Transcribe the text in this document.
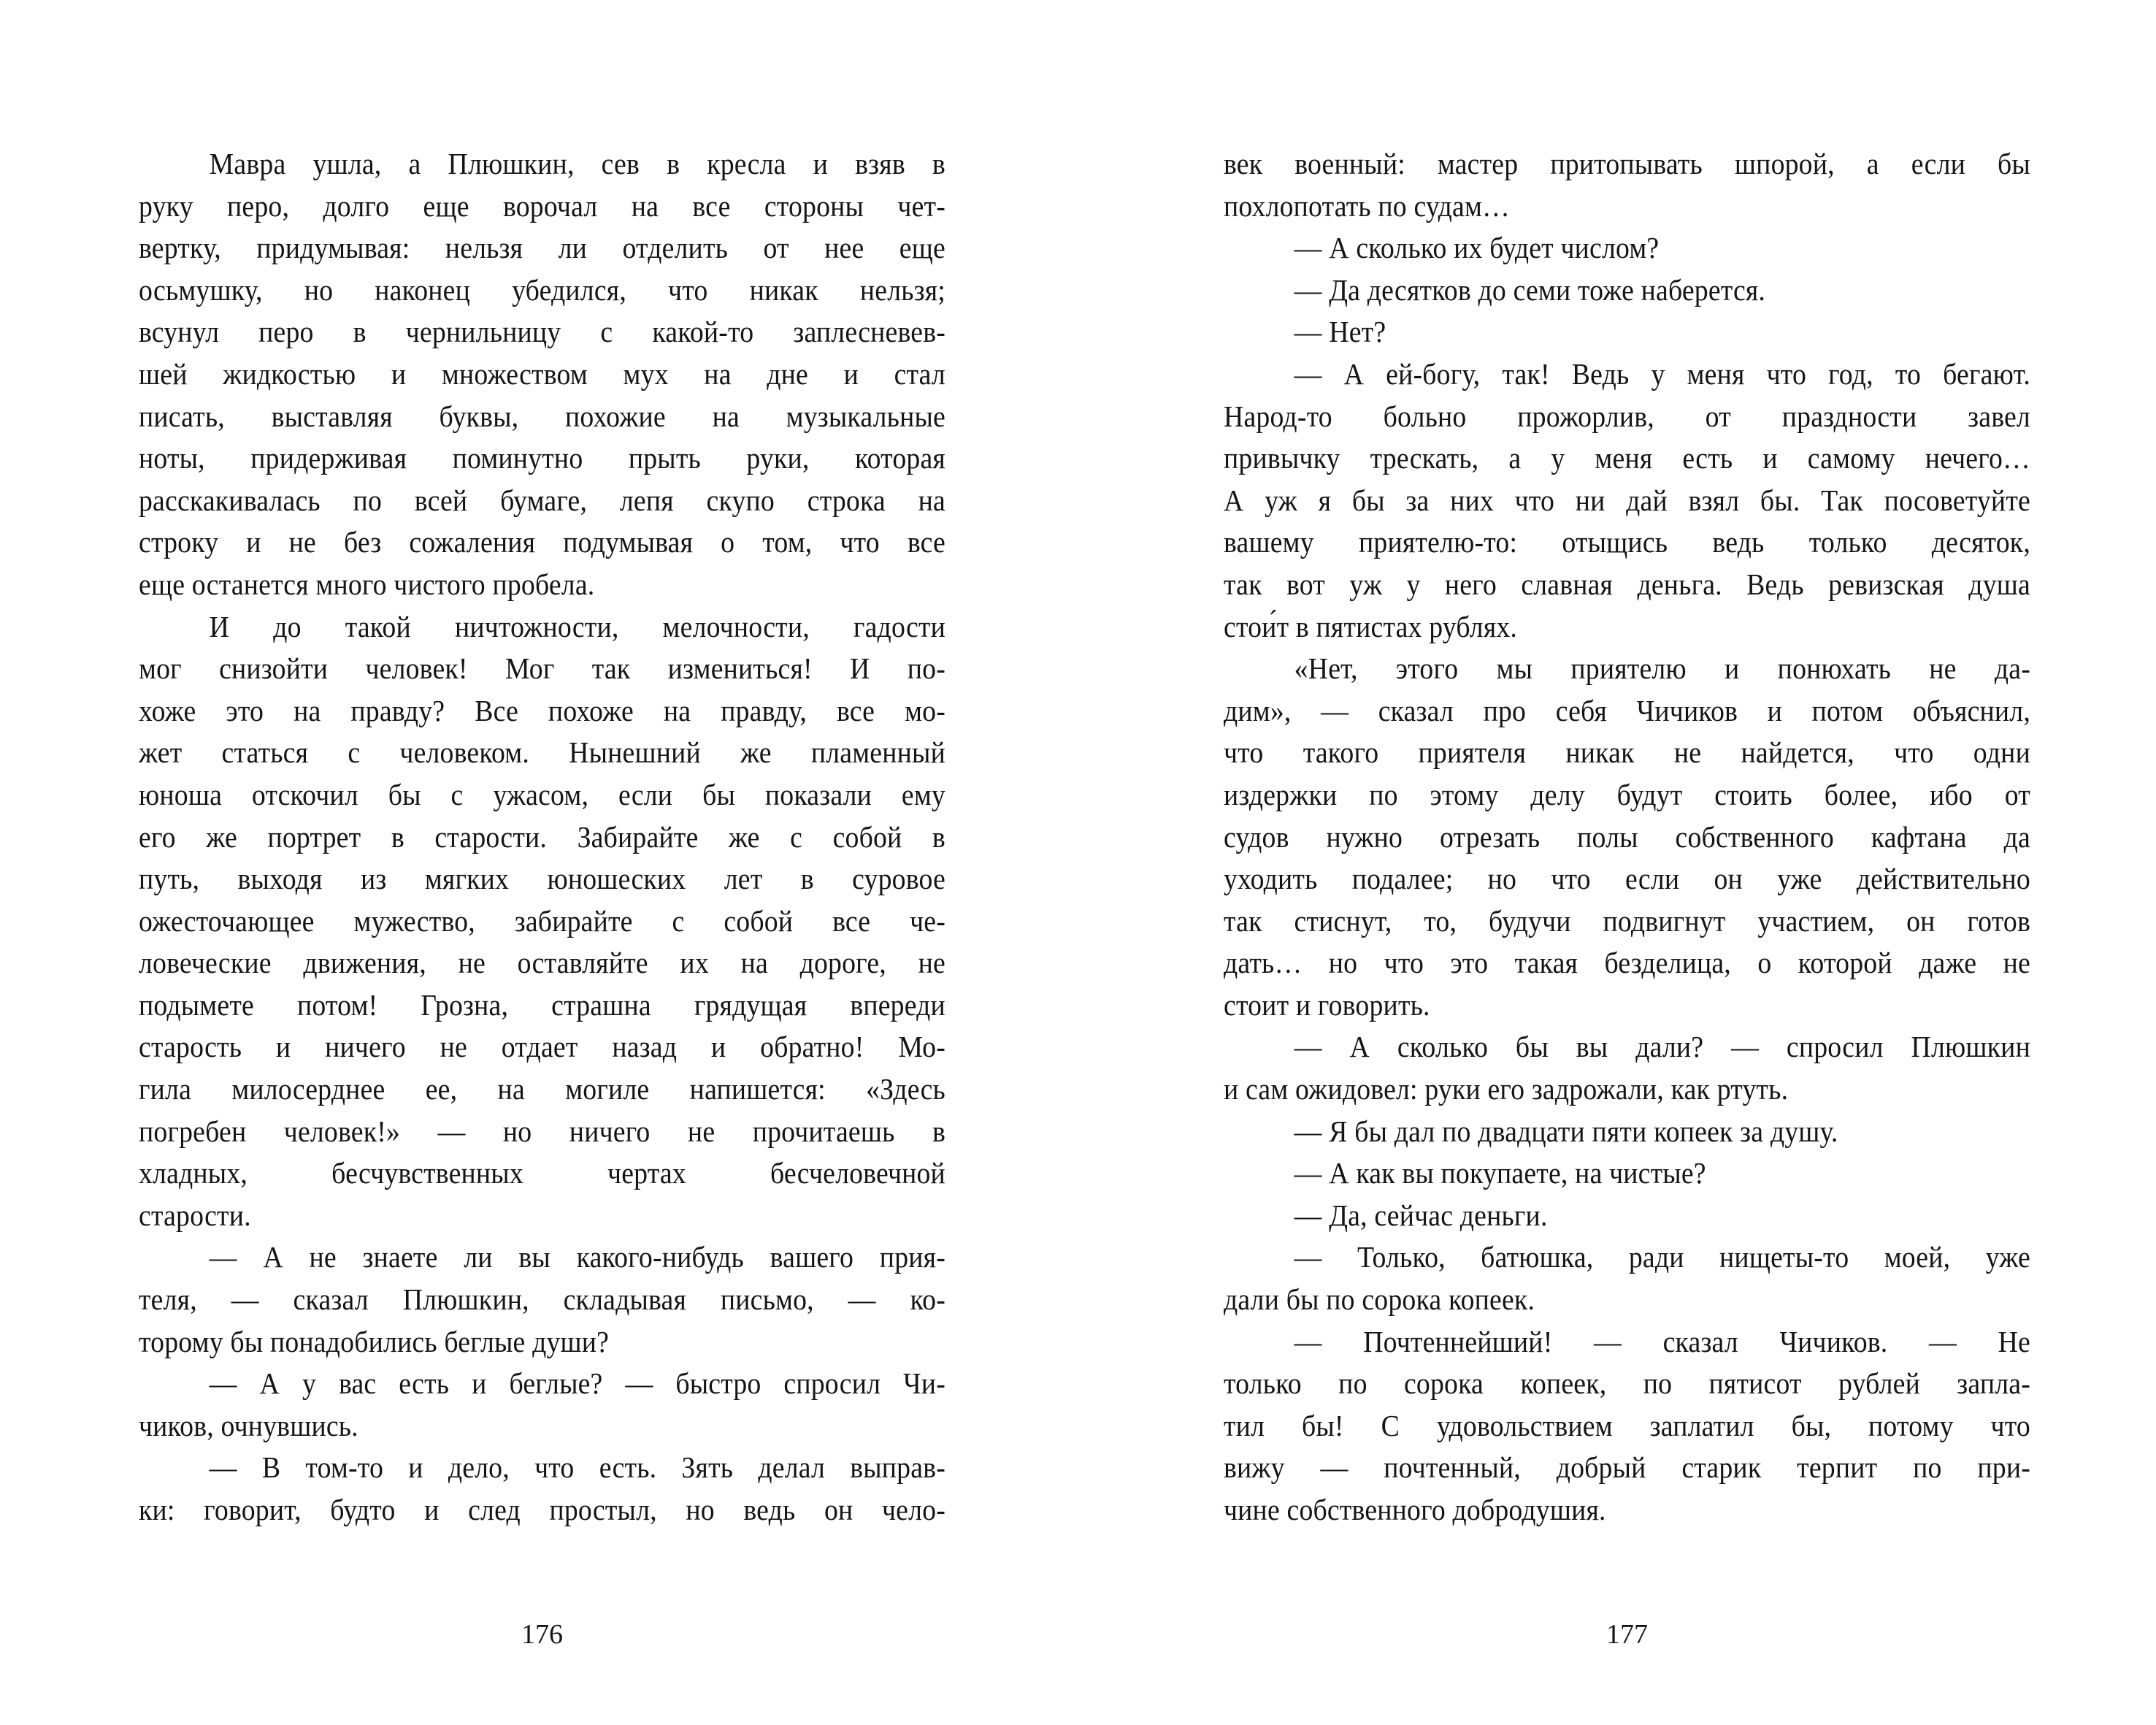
Мавра ушла, а Плюшкин, сев в кресла и взяв в
руку перо, долго еще ворочал на все стороны чет-
вертку, придумывая: нельзя ли отделить от нее еще
осьмушку, но наконец убедился, что никак нельзя;
всунул перо в чернильницу с какой-то заплесневев-
шей жидкостью и множеством мух на дне и стал
писать, выставляя буквы, похожие на музыкальные
ноты, придерживая поминутно прыть руки, которая
расскакивалась по всей бумаге, лепя скупо строка на
строку и не без сожаления подумывая о том, что все
еще останется много чистого пробела.
И до такой ничтожности, мелочности, гадости
мог снизойти человек! Мог так измениться! И по-
хоже это на правду? Все похоже на правду, все мо-
жет статься с человеком. Нынешний же пламенный
юноша отскочил бы с ужасом, если бы показали ему
его же портрет в старости. Забирайте же с собой в
путь, выходя из мягких юношеских лет в суровое
ожесточающее мужество, забирайте с собой все че-
ловеческие движения, не оставляйте их на дороге, не
подымете потом! Грозна, страшна грядущая впереди
старость и ничего не отдает назад и обратно! Мо-
гила милосерднее ее, на могиле напишется: «Здесь
погребен человек!» — но ничего не прочитаешь в
хладных, бесчувственных чертах бесчеловечной
старости.
— А не знаете ли вы какого-нибудь вашего прия-
теля, — сказал Плюшкин, складывая письмо, — ко-
торому бы понадобились беглые души?
— А у вас есть и беглые? — быстро спросил Чи-
чиков, очнувшись.
— В том-то и дело, что есть. Зять делал выправ-
ки: говорит, будто и след простыл, но ведь он чело-
век военный: мастер притопывать шпорой, а если бы
похлопотать по судам…
— А сколько их будет числом?
— Да десятков до семи тоже наберется.
— Нет?
— А ей-богу, так! Ведь у меня что год, то бегают.
Народ-то больно прожорлив, от праздности завел
привычку трескать, а у меня есть и самому нечего…
А уж я бы за них что ни дай взял бы. Так посоветуйте
вашему приятелю-то: отыщись ведь только десяток,
так вот уж у него славная деньга. Ведь ревизская душа
стои́т в пятистах рублях.
«Нет, этого мы приятелю и понюхать не да-
дим», — сказал про себя Чичиков и потом объяснил,
что такого приятеля никак не найдется, что одни
издержки по этому делу будут стоить более, ибо от
судов нужно отрезать полы собственного кафтана да
уходить подалее; но что если он уже действительно
так стиснут, то, будучи подвигнут участием, он готов
дать… но что это такая безделица, о которой даже не
стоит и говорить.
— А сколько бы вы дали? — спросил Плюшкин
и сам ожидовел: руки его задрожали, как ртуть.
— Я бы дал по двадцати пяти копеек за душу.
— А как вы покупаете, на чистые?
— Да, сейчас деньги.
— Только, батюшка, ради нищеты-то моей, уже
дали бы по сорока копеек.
— Почтеннейший! — сказал Чичиков. — Не
только по сорока копеек, по пятисот рублей запла-
тил бы! С удовольствием заплатил бы, потому что
вижу — почтенный, добрый старик терпит по при-
чине собственного добродушия.
176	177
